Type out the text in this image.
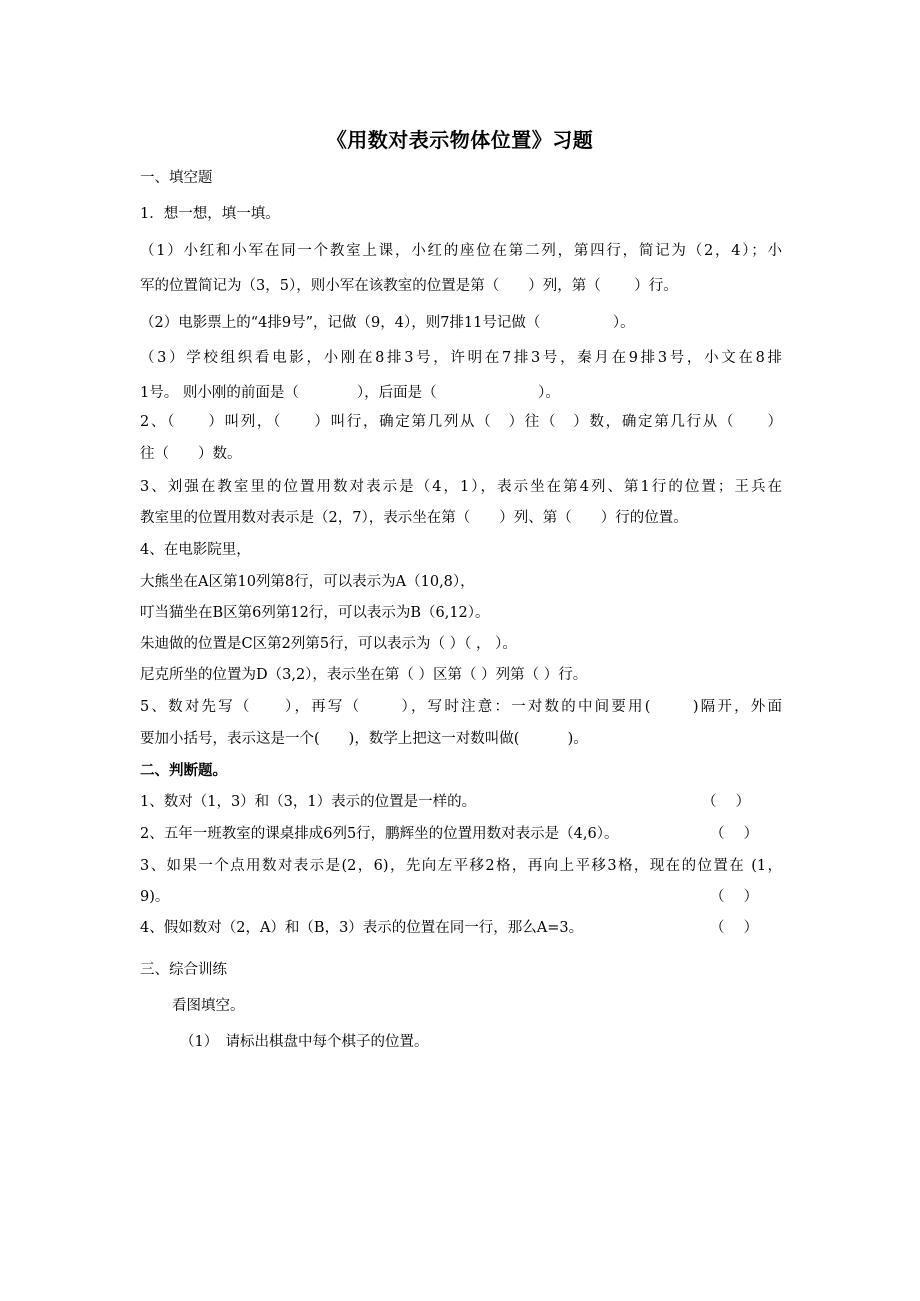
《用数对表示物体位置》习题
一、填空题
1．想一想，填一填。
（1）小红和小军在同一个教室上课，小红的座位在第二列，第四行，简记为（2，4）；小
军的位置简记为（3，5），则小军在该教室的位置是第（　　）列，第（　　 ）行。
（2）电影票上的“4排9号”，记做（9，4），则7排11号记做（　　　　　）。
（3）学校组织看电影，小刚在8排3号，许明在7排3号，秦月在9排3号，小文在8排
1号。 则小刚的前面是（　　　　），后面是（　　　　　　　）。
2、（　　）叫列，（　　）叫行，确定第几列从（　）往（　）数，确定第几行从（　　）
往（　　）数。
3、刘强在教室里的位置用数对表示是（4，1），表示坐在第4列、第1行的位置；王兵在
教室里的位置用数对表示是（2，7），表示坐在第（　　）列、第（　　）行的位置。
4、在电影院里，
大熊坐在A区第10列第8行，可以表示为A（10,8），
叮当猫坐在B区第6列第12行，可以表示为B（6,12）。
朱迪做的位置是C区第2列第5行，可以表示为（ ）（ ， ）。
尼克所坐的位置为D（3,2），表示坐在第（ ）区第（ ）列第（ ）行。
5、数对先写（　　），再写（　　 ），写时注意：一对数的中间要用(　　 )隔开，外面
要加小括号，表示这是一个(　　)，数学上把这一对数叫做(　　　 )。
二、判断题。
1、数对（1，3）和（3，1）表示的位置是一样的。	（　 ）
2、五年一班教室的课桌排成6列5行，鹏辉坐的位置用数对表示是（4,6）。	（　 ）
3、如果一个点用数对表示是(2，6)，先向左平移2格，再向上平移3格，现在的位置在 (1，
9)。	（　 ）
4、假如数对（2，A）和（B，3）表示的位置在同一行，那么A=3。	（　 ）
三、综合训练
看图填空。
（1）　请标出棋盘中每个棋子的位置。
